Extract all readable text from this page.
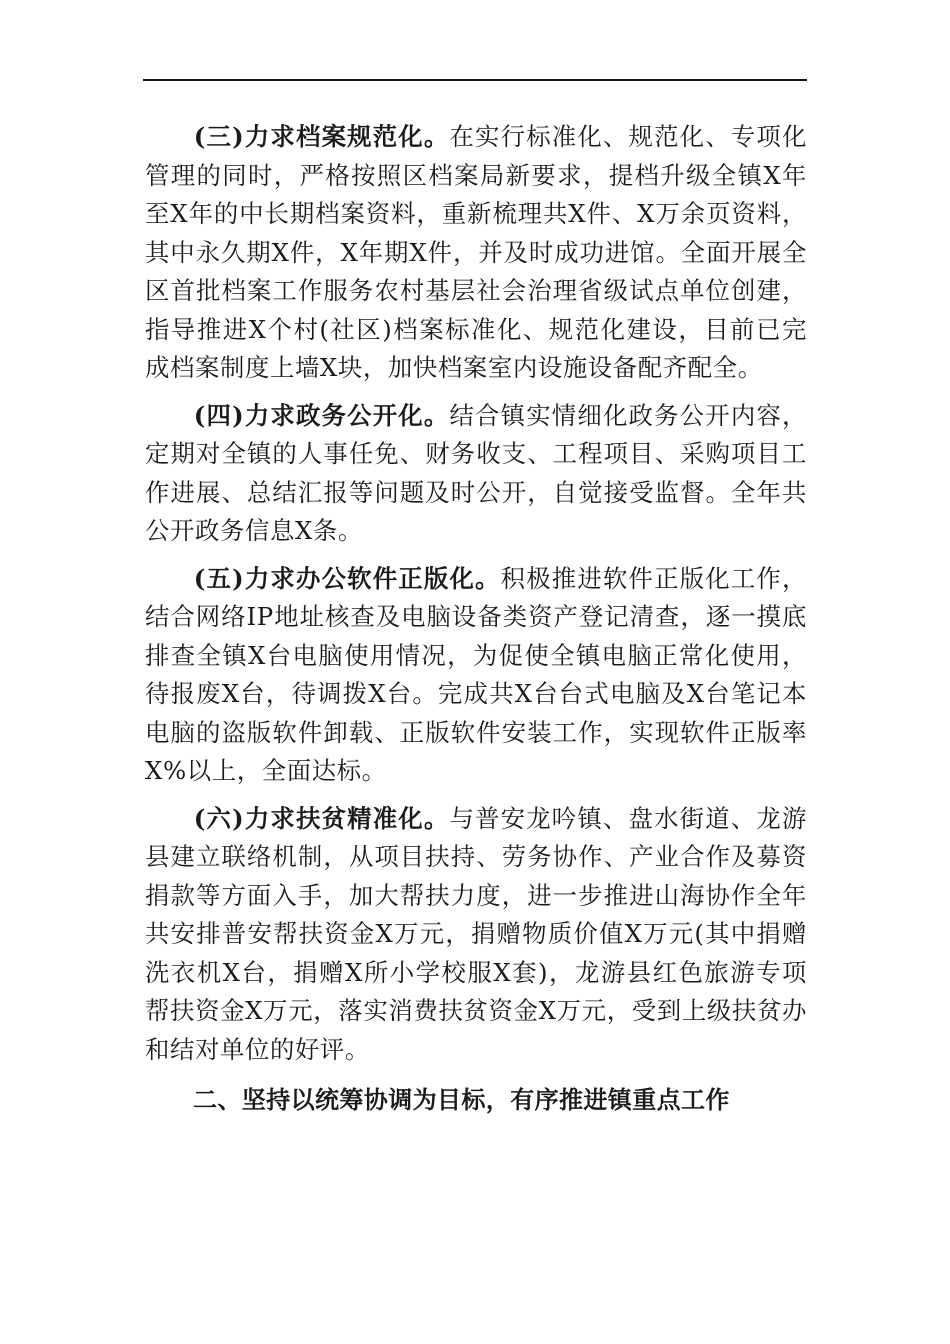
(三)力求档案规范化。在实行标准化、规范化、专项化管理的同时，严格按照区档案局新要求，提档升级全镇X年至X年的中长期档案资料，重新梳理共X件、X万余页资料，其中永久期X件，X年期X件，并及时成功进馆。全面开展全区首批档案工作服务农村基层社会治理省级试点单位创建，指导推进X个村(社区)档案标准化、规范化建设，目前已完成档案制度上墙X块，加快档案室内设施设备配齐配全。

(四)力求政务公开化。结合镇实情细化政务公开内容，定期对全镇的人事任免、财务收支、工程项目、采购项目工作进展、总结汇报等问题及时公开，自觉接受监督。全年共公开政务信息X条。

(五)力求办公软件正版化。积极推进软件正版化工作，结合网络IP地址核查及电脑设备类资产登记清查，逐一摸底排查全镇X台电脑使用情况，为促使全镇电脑正常化使用，待报废X台，待调拨X台。完成共X台台式电脑及X台笔记本电脑的盗版软件卸载、正版软件安装工作，实现软件正版率X%以上，全面达标。

(六)力求扶贫精准化。与普安龙吟镇、盘水街道、龙游县建立联络机制，从项目扶持、劳务协作、产业合作及募资捐款等方面入手，加大帮扶力度，进一步推进山海协作全年共安排普安帮扶资金X万元，捐赠物质价值X万元(其中捐赠洗衣机X台，捐赠X所小学校服X套)，龙游县红色旅游专项帮扶资金X万元，落实消费扶贫资金X万元，受到上级扶贫办和结对单位的好评。

二、坚持以统筹协调为目标，有序推进镇重点工作
